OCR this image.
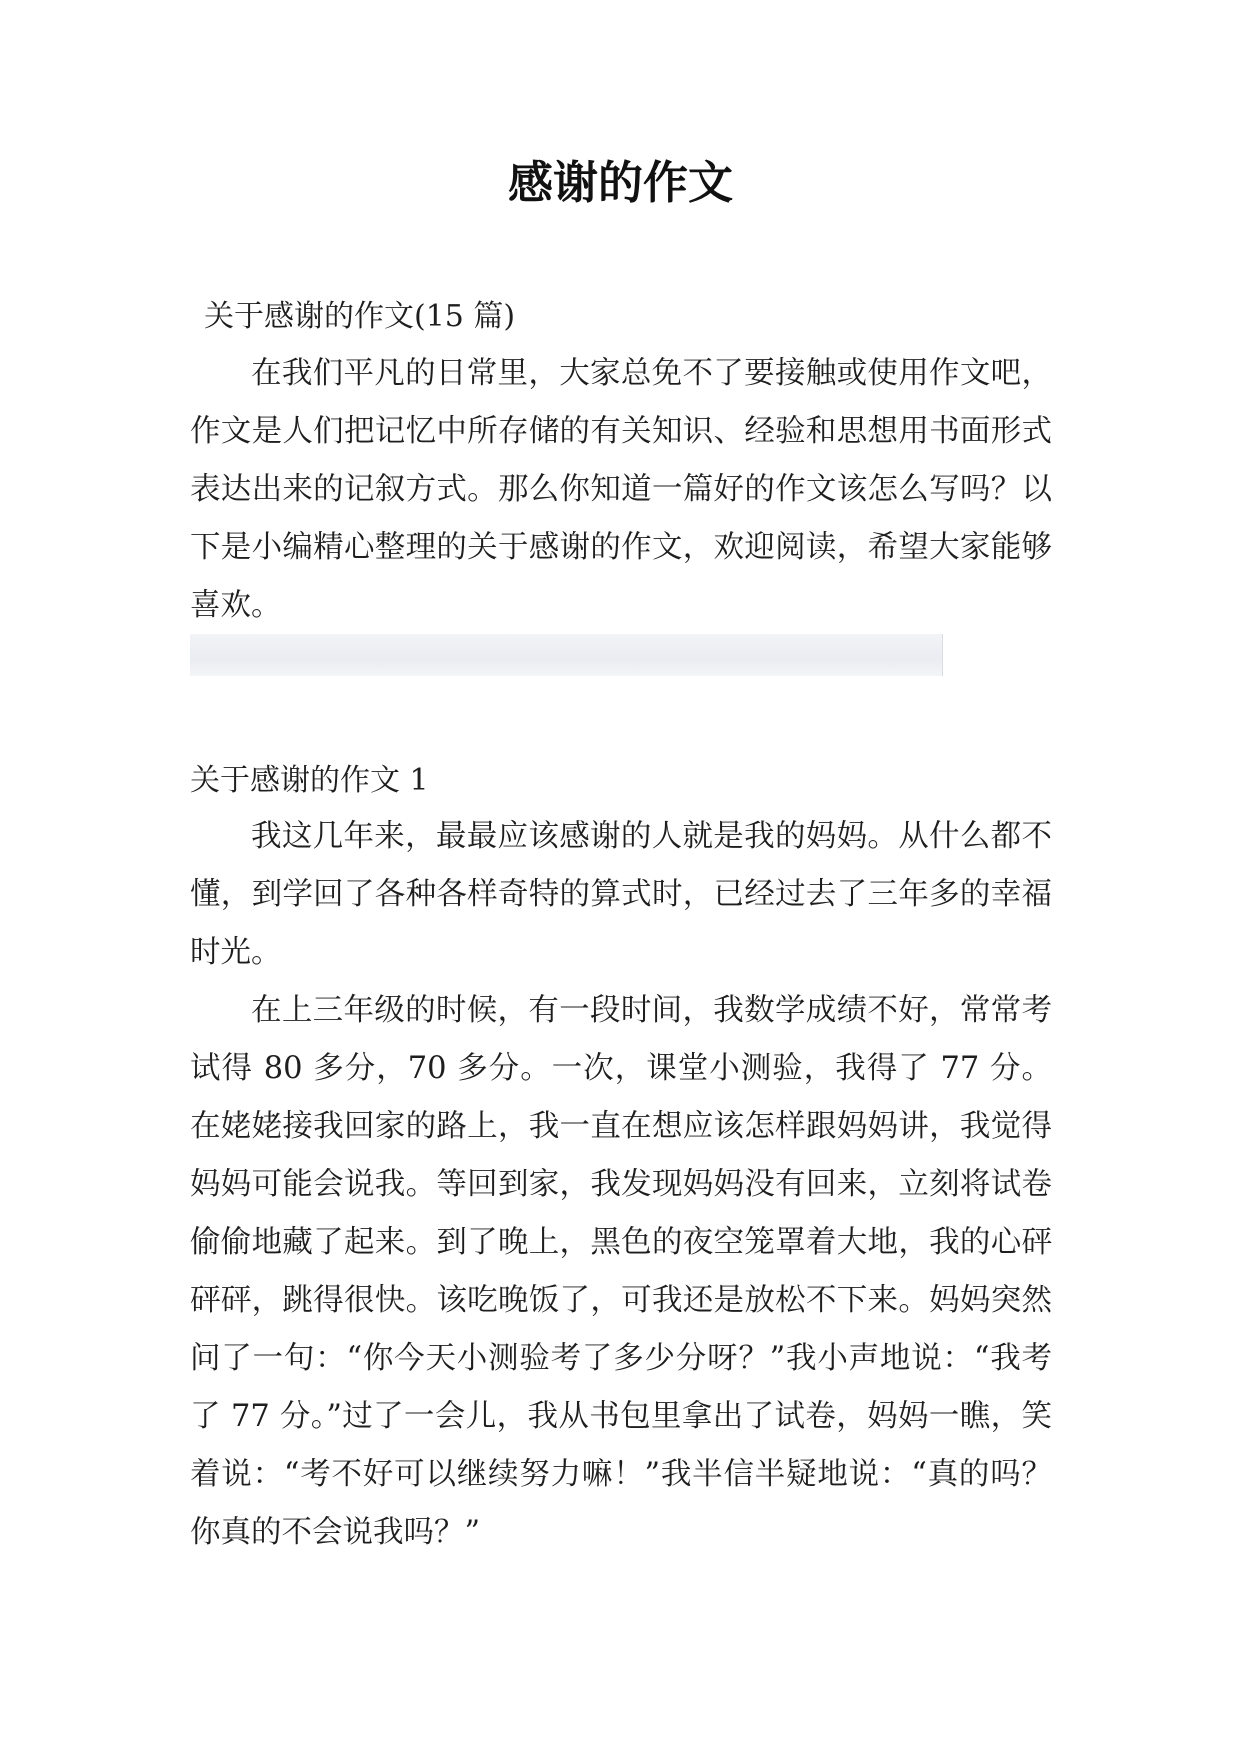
感谢的作文

关于感谢的作文(15 篇)

在我们平凡的日常里，大家总免不了要接触或使用作文吧，作文是人们把记忆中所存储的有关知识、经验和思想用书面形式表达出来的记叙方式。那么你知道一篇好的作文该怎么写吗？以下是小编精心整理的关于感谢的作文，欢迎阅读，希望大家能够喜欢。

关于感谢的作文 1

我这几年来，最最应该感谢的人就是我的妈妈。从什么都不懂，到学回了各种各样奇特的算式时，已经过去了三年多的幸福时光。

在上三年级的时候，有一段时间，我数学成绩不好，常常考试得 80 多分，70 多分。一次，课堂小测验，我得了 77 分。在姥姥接我回家的路上，我一直在想应该怎样跟妈妈讲，我觉得妈妈可能会说我。等回到家，我发现妈妈没有回来，立刻将试卷偷偷地藏了起来。到了晚上，黑色的夜空笼罩着大地，我的心砰砰砰，跳得很快。该吃晚饭了，可我还是放松不下来。妈妈突然问了一句：“你今天小测验考了多少分呀？”我小声地说：“我考了 77 分。”过了一会儿，我从书包里拿出了试卷，妈妈一瞧，笑着说：“考不好可以继续努力嘛！”我半信半疑地说：“真的吗？你真的不会说我吗？”
